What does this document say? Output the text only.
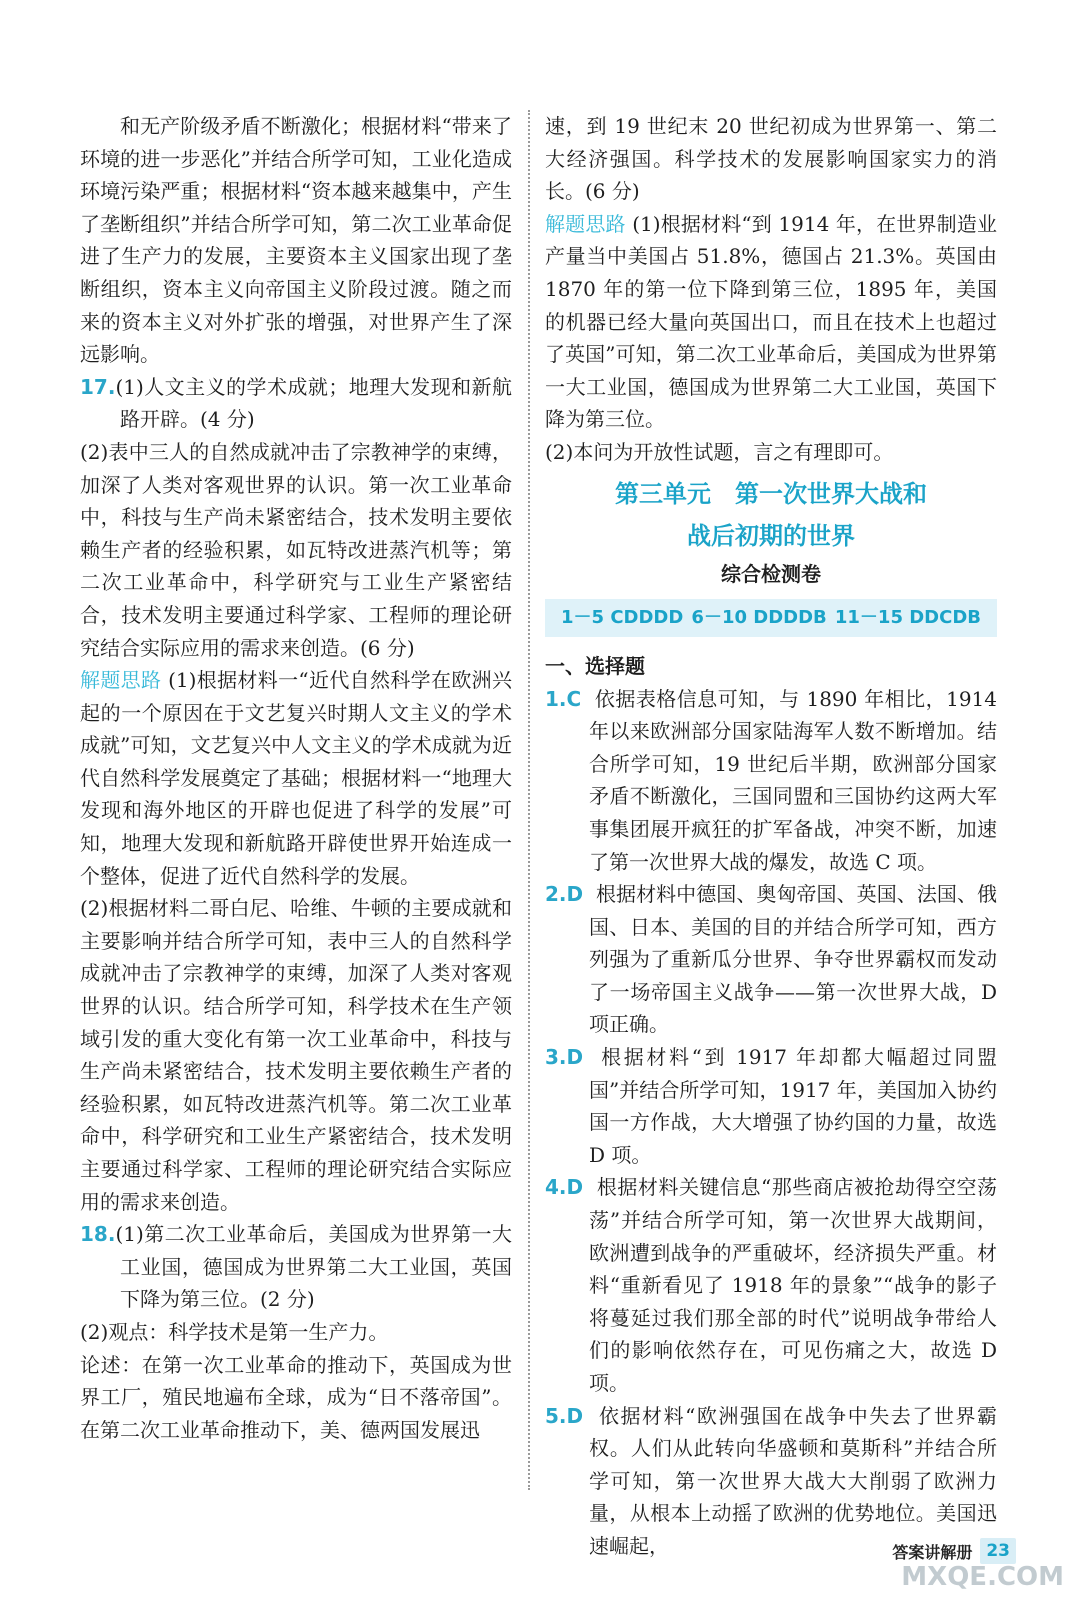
和无产阶级矛盾不断激化；根据材料“带来了环境的进一步恶化”并结合所学可知，工业化造成环境污染严重；根据材料“资本越来越集中，产生了垄断组织”并结合所学可知，第二次工业革命促进了生产力的发展，主要资本主义国家出现了垄断组织，资本主义向帝国主义阶段过渡。随之而来的资本主义对外扩张的增强，对世界产生了深远影响。
17.(1)人文主义的学术成就；地理大发现和新航路开辟。(4 分)
(2)表中三人的自然成就冲击了宗教神学的束缚，加深了人类对客观世界的认识。第一次工业革命中，科技与生产尚未紧密结合，技术发明主要依赖生产者的经验积累，如瓦特改进蒸汽机等；第二次工业革命中，科学研究与工业生产紧密结合，技术发明主要通过科学家、工程师的理论研究结合实际应用的需求来创造。(6 分)
解题思路 (1)根据材料一“近代自然科学在欧洲兴起的一个原因在于文艺复兴时期人文主义的学术成就”可知，文艺复兴中人文主义的学术成就为近代自然科学发展奠定了基础；根据材料一“地理大发现和海外地区的开辟也促进了科学的发展”可知，地理大发现和新航路开辟使世界开始连成一个整体，促进了近代自然科学的发展。
(2)根据材料二哥白尼、哈维、牛顿的主要成就和主要影响并结合所学可知，表中三人的自然科学成就冲击了宗教神学的束缚，加深了人类对客观世界的认识。结合所学可知，科学技术在生产领域引发的重大变化有第一次工业革命中，科技与生产尚未紧密结合，技术发明主要依赖生产者的经验积累，如瓦特改进蒸汽机等。第二次工业革命中，科学研究和工业生产紧密结合，技术发明主要通过科学家、工程师的理论研究结合实际应用的需求来创造。
18.(1)第二次工业革命后，美国成为世界第一大工业国，德国成为世界第二大工业国，英国下降为第三位。(2 分)
(2)观点：科学技术是第一生产力。
论述：在第一次工业革命的推动下，英国成为世界工厂，殖民地遍布全球，成为“日不落帝国”。在第二次工业革命推动下，美、德两国发展迅
速，到 19 世纪末 20 世纪初成为世界第一、第二大经济强国。科学技术的发展影响国家实力的消长。(6 分)
解题思路 (1)根据材料“到 1914 年，在世界制造业产量当中美国占 51.8%，德国占 21.3%。英国由 1870 年的第一位下降到第三位，1895 年，美国的机器已经大量向英国出口，而且在技术上也超过了英国”可知，第二次工业革命后，美国成为世界第一大工业国，德国成为世界第二大工业国，英国下降为第三位。
(2)本问为开放性试题，言之有理即可。
第三单元　第一次世界大战和
战后初期的世界
综合检测卷
1－5 CDDDD 6－10 DDDDB 11－15 DDCDB
一、选择题
1.C 依据表格信息可知，与 1890 年相比，1914 年以来欧洲部分国家陆海军人数不断增加。结合所学可知，19 世纪后半期，欧洲部分国家矛盾不断激化，三国同盟和三国协约这两大军事集团展开疯狂的扩军备战，冲突不断，加速了第一次世界大战的爆发，故选 C 项。
2.D 根据材料中德国、奥匈帝国、英国、法国、俄国、日本、美国的目的并结合所学可知，西方列强为了重新瓜分世界、争夺世界霸权而发动了一场帝国主义战争——第一次世界大战，D 项正确。
3.D 根据材料“到 1917 年却都大幅超过同盟国”并结合所学可知，1917 年，美国加入协约国一方作战，大大增强了协约国的力量，故选 D 项。
4.D 根据材料关键信息“那些商店被抢劫得空空荡荡”并结合所学可知，第一次世界大战期间，欧洲遭到战争的严重破坏，经济损失严重。材料“重新看见了 1918 年的景象”“战争的影子将蔓延过我们那全部的时代”说明战争带给人们的影响依然存在，可见伤痛之大，故选 D 项。
5.D 依据材料“欧洲强国在战争中失去了世界霸权。人们从此转向华盛顿和莫斯科”并结合所学可知，第一次世界大战大大削弱了欧洲力量，从根本上动摇了欧洲的优势地位。美国迅速崛起，	答案讲解册 23
MXQE.COM
